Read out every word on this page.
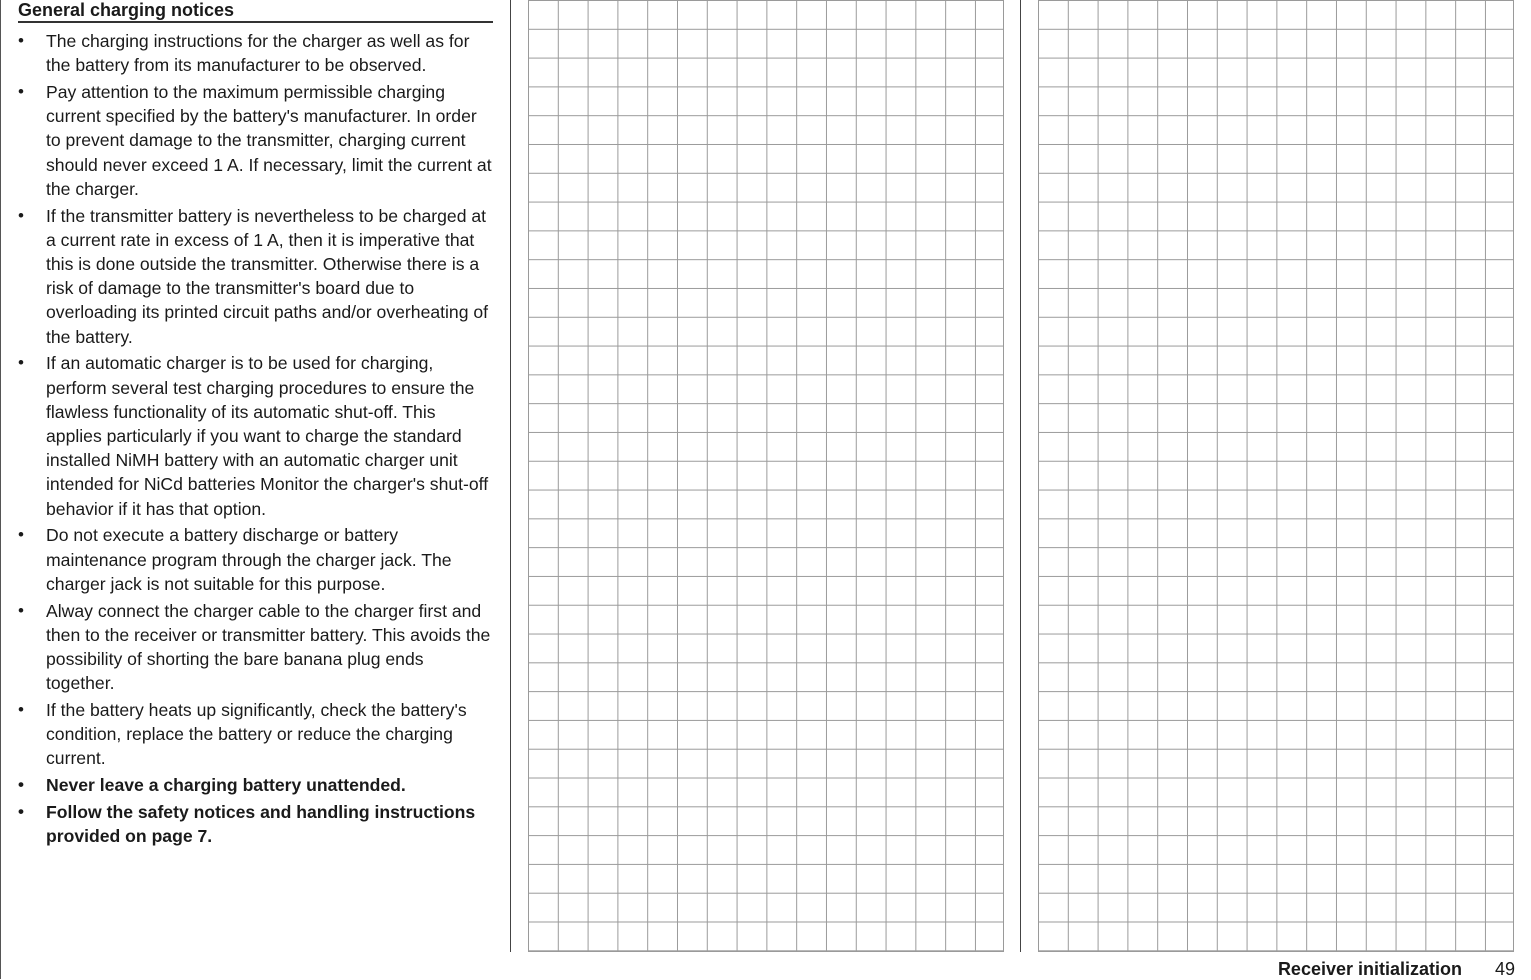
General charging notices
• The charging instructions for the charger as well as for the battery from its manufacturer to be observed.
• Pay attention to the maximum permissible charging current specified by the battery's manufacturer. In order to prevent damage to the transmitter, charging current should never exceed 1 A. If necessary, limit the current at the charger.
• If the transmitter battery is nevertheless to be charged at a current rate in excess of 1 A, then it is imperative that this is done outside the transmitter. Otherwise there is a risk of damage to the transmitter's board due to overloading its printed circuit paths and/or overheating of the battery.
• If an automatic charger is to be used for charging, perform several test charging procedures to ensure the flawless functionality of its automatic shut-off. This applies particularly if you want to charge the standard installed NiMH battery with an automatic charger unit intended for NiCd batteries Monitor the charger's shut-off behavior if it has that option.
• Do not execute a battery discharge or battery maintenance program through the charger jack. The charger jack is not suitable for this purpose.
• Alway connect the charger cable to the charger first and then to the receiver or transmitter battery. This avoids the possibility of shorting the bare banana plug ends together.
• If the battery heats up significantly, check the battery's condition, replace the battery or reduce the charging current.
• Never leave a charging battery unattended.
• Follow the safety notices and handling instructions provided on page 7.
Receiver initialization 49
